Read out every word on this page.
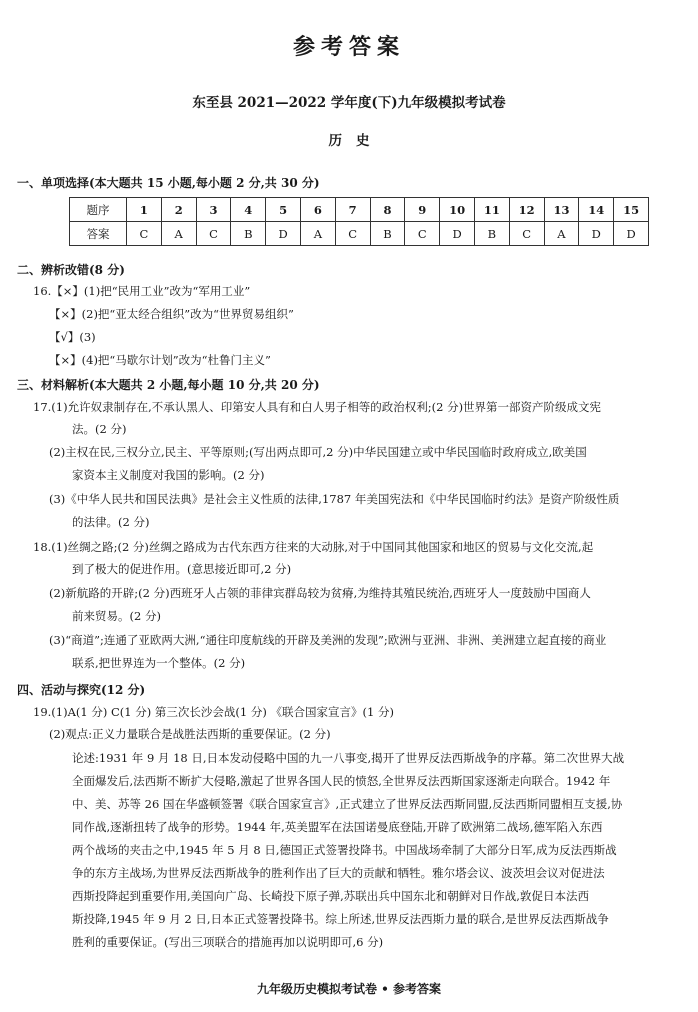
参考答案
东至县 2021—2022 学年度(下)九年级模拟考试卷
历史
一、单项选择(本大题共 15 小题,每小题 2 分,共 30 分)
题序	1	2	3	4	5	6	7	8	9	10	11	12	13	14	15
答案	C	A	C	B	D	A	C	B	C	D	B	C	A	D	D
二、辨析改错(8 分)
16.【×】(1)把“民用工业”改为“军用工业”
【×】(2)把“亚太经合组织”改为“世界贸易组织”
【√】(3)
【×】(4)把“马歇尔计划”改为“杜鲁门主义”
三、材料解析(本大题共 2 小题,每小题 10 分,共 20 分)
17.(1)允许奴隶制存在,不承认黑人、印第安人具有和白人男子相等的政治权利;(2 分)世界第一部资产阶级成文宪
法。(2 分)
(2)主权在民,三权分立,民主、平等原则;(写出两点即可,2 分)中华民国建立或中华民国临时政府成立,欧美国
家资本主义制度对我国的影响。(2 分)
(3)《中华人民共和国民法典》是社会主义性质的法律,1787 年美国宪法和《中华民国临时约法》是资产阶级性质
的法律。(2 分)
18.(1)丝绸之路;(2 分)丝绸之路成为古代东西方往来的大动脉,对于中国同其他国家和地区的贸易与文化交流,起
到了极大的促进作用。(意思接近即可,2 分)
(2)新航路的开辟;(2 分)西班牙人占领的菲律宾群岛较为贫瘠,为维持其殖民统治,西班牙人一度鼓励中国商人
前来贸易。(2 分)
(3)“商道”;连通了亚欧两大洲,“通往印度航线的开辟及美洲的发现”;欧洲与亚洲、非洲、美洲建立起直接的商业
联系,把世界连为一个整体。(2 分)
四、活动与探究(12 分)
19.(1)A(1 分) C(1 分) 第三次长沙会战(1 分) 《联合国家宣言》(1 分)
(2)观点:正义力量联合是战胜法西斯的重要保证。(2 分)
论述:1931 年 9 月 18 日,日本发动侵略中国的九一八事变,揭开了世界反法西斯战争的序幕。第二次世界大战
全面爆发后,法西斯不断扩大侵略,激起了世界各国人民的愤怒,全世界反法西斯国家逐渐走向联合。1942 年
中、美、苏等 26 国在华盛顿签署《联合国家宣言》,正式建立了世界反法西斯同盟,反法西斯同盟相互支援,协
同作战,逐渐扭转了战争的形势。1944 年,英美盟军在法国诺曼底登陆,开辟了欧洲第二战场,德军陷入东西
两个战场的夹击之中,1945 年 5 月 8 日,德国正式签署投降书。中国战场牵制了大部分日军,成为反法西斯战
争的东方主战场,为世界反法西斯战争的胜利作出了巨大的贡献和牺牲。雅尔塔会议、波茨坦会议对促进法
西斯投降起到重要作用,美国向广岛、长崎投下原子弹,苏联出兵中国东北和朝鲜对日作战,敦促日本法西
斯投降,1945 年 9 月 2 日,日本正式签署投降书。综上所述,世界反法西斯力量的联合,是世界反法西斯战争
胜利的重要保证。(写出三项联合的措施再加以说明即可,6 分)
九年级历史模拟考试卷 • 参考答案
